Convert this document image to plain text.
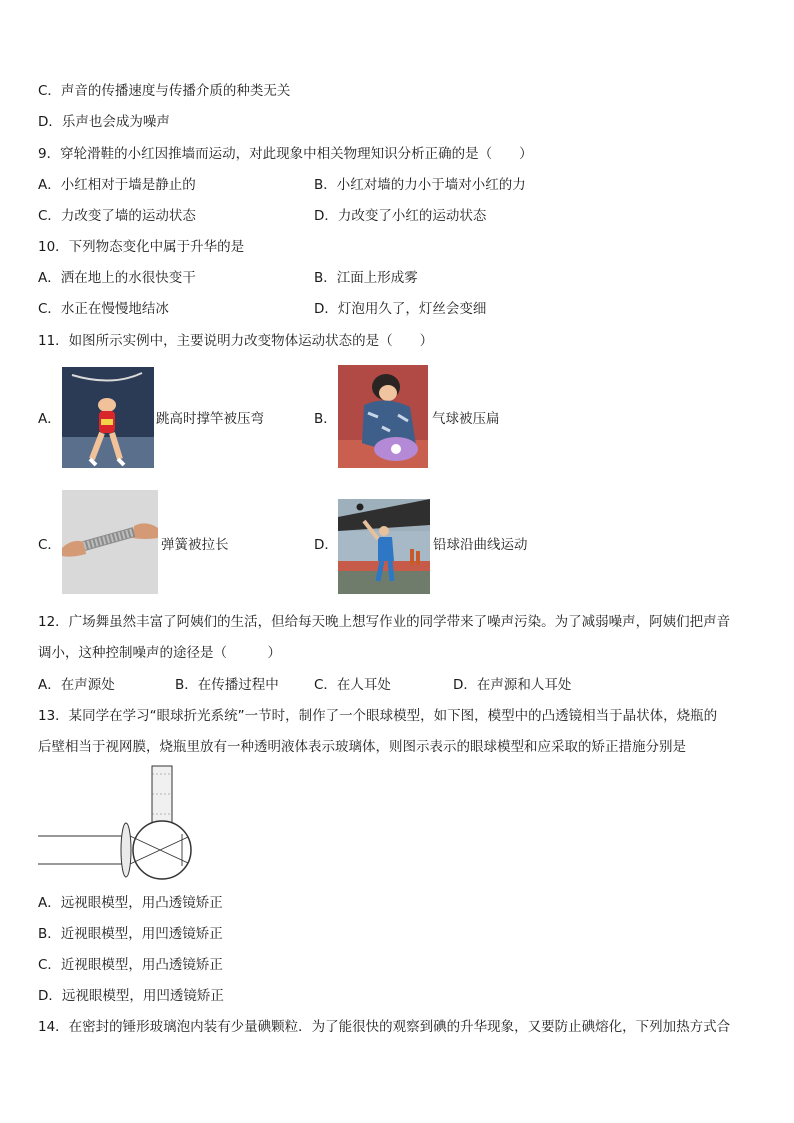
C．声音的传播速度与传播介质的种类无关
D．乐声也会成为噪声
9．穿轮滑鞋的小红因推墙而运动，对此现象中相关物理知识分析正确的是（　　）
A．小红相对于墙是静止的	B．小红对墙的力小于墙对小红的力
C．力改变了墙的运动状态	D．力改变了小红的运动状态
10．下列物态变化中属于升华的是
A．洒在地上的水很快变干	B．江面上形成雾
C．水正在慢慢地结冰	D．灯泡用久了，灯丝会变细
11．如图所示实例中，主要说明力改变物体运动状态的是（　　）
A．	跳高时撑竿被压弯	B．	气球被压扁
C．	弹簧被拉长	D．	铅球沿曲线运动
12．广场舞虽然丰富了阿姨们的生活，但给每天晚上想写作业的同学带来了噪声污染。为了减弱噪声，阿姨们把声音
调小，这种控制噪声的途径是（　　　）
A．在声源处	B．在传播过程中	C．在人耳处	D．在声源和人耳处
13．某同学在学习“眼球折光系统”一节时，制作了一个眼球模型，如下图，模型中的凸透镜相当于晶状体，烧瓶的
后壁相当于视网膜，烧瓶里放有一种透明液体表示玻璃体，则图示表示的眼球模型和应采取的矫正措施分别是
A．远视眼模型，用凸透镜矫正
B．近视眼模型，用凹透镜矫正
C．近视眼模型，用凸透镜矫正
D．远视眼模型，用凹透镜矫正
14．在密封的锤形玻璃泡内装有少量碘颗粒．为了能很快的观察到碘的升华现象，又要防止碘熔化，下列加热方式合
